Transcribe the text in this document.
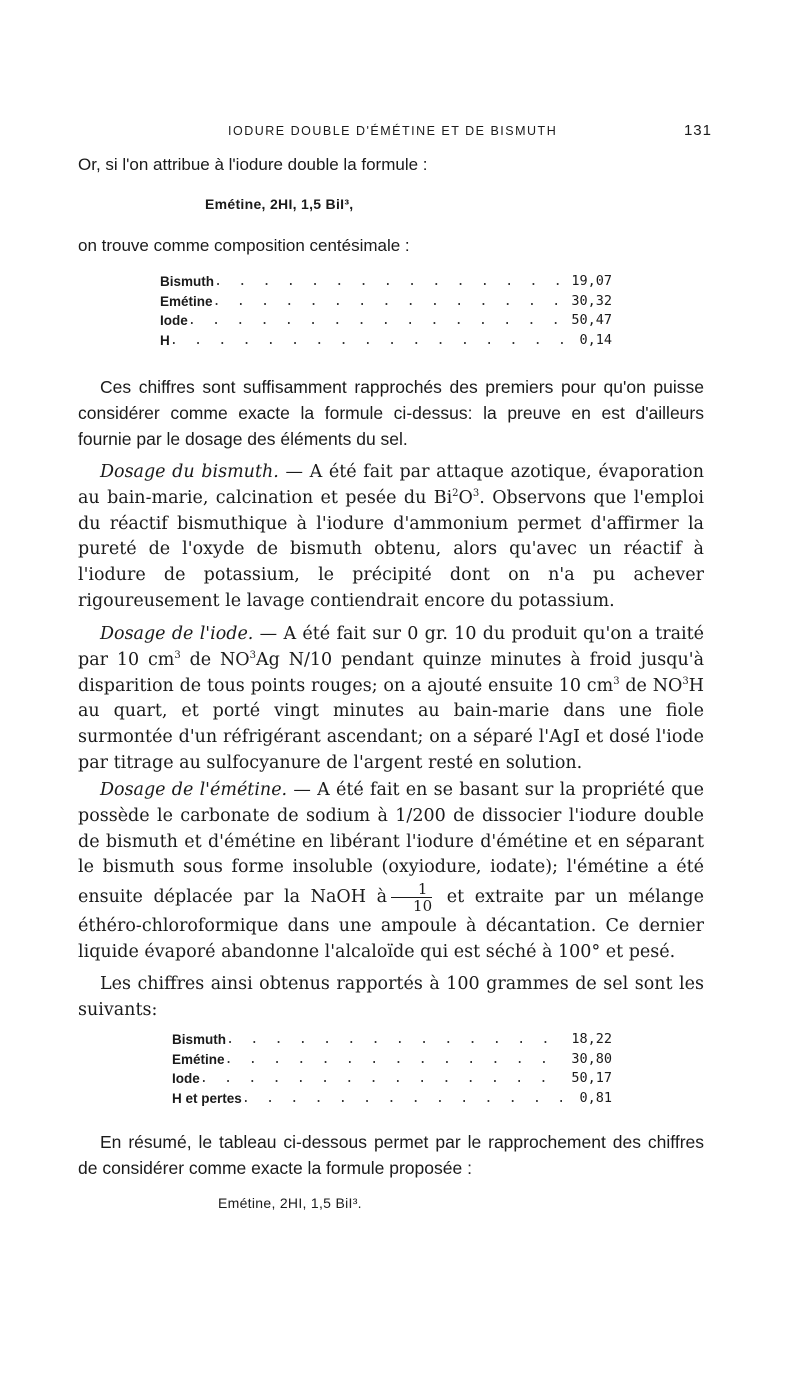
IODURE DOUBLE D'ÉMÉTINE ET DE BISMUTH	131

Or, si l'on attribue à l'iodure double la formule :

Emétine, 2HI, 1,5 BiI³,

on trouve comme composition centésimale :

Bismuth . . .	19,07
Emétine . . .	30,32
Iode . . .	50,47
H . . .	0,14

Ces chiffres sont suffisamment rapprochés des premiers pour qu'on puisse considérer comme exacte la formule ci-dessus: la preuve en est d'ailleurs fournie par le dosage des éléments du sel.

Dosage du bismuth. — A été fait par attaque azotique, évaporation au bain-marie, calcination et pesée du $Bi^2O^3$. Observons que l'emploi du réactif bismuthique à l'iodure d'ammonium permet d'affirmer la pureté de l'oxyde de bismuth obtenu, alors qu'avec un réactif à l'iodure de potassium, le précipité dont on n'a pu achever rigoureusement le lavage contiendrait encore du potassium.

Dosage de l'iode. — A été fait sur 0 gr. 10 du produit qu'on a traité par 10 $cm^3$ de $NO^3Ag$ N/10 pendant quinze minutes à froid jusqu'à disparition de tous points rouges; on a ajouté ensuite 10 $cm^3$ de $NO^3H$ au quart, et porté vingt minutes au bain-marie dans une fiole surmontée d'un réfrigérant ascendant; on a séparé l'AgI et dosé l'iode par titrage au sulfocyanure de l'argent resté en solution.

Dosage de l'émétine. — A été fait en se basant sur la propriété que possède le carbonate de sodium à 1/200 de dissocier l'iodure double de bismuth et d'émétine en libérant l'iodure d'émétine et en séparant le bismuth sous forme insoluble (oxyiodure, iodate); l'émétine a été ensuite déplacée par la NaOH à $\frac{1}{10}$ et extraite par un mélange éthéro-chloroformique dans une ampoule à décantation. Ce dernier liquide évaporé abandonne l'alcaloïde qui est séché à 100° et pesé.

Les chiffres ainsi obtenus rapportés à 100 grammes de sel sont les suivants:

Bismuth . . .	18,22
Emétine . . .	30,80
Iode . . .	50,17
H et pertes . . .	0,81

En résumé, le tableau ci-dessous permet par le rapprochement des chiffres de considérer comme exacte la formule proposée :

Emétine, 2HI, 1,5 BiI³.
